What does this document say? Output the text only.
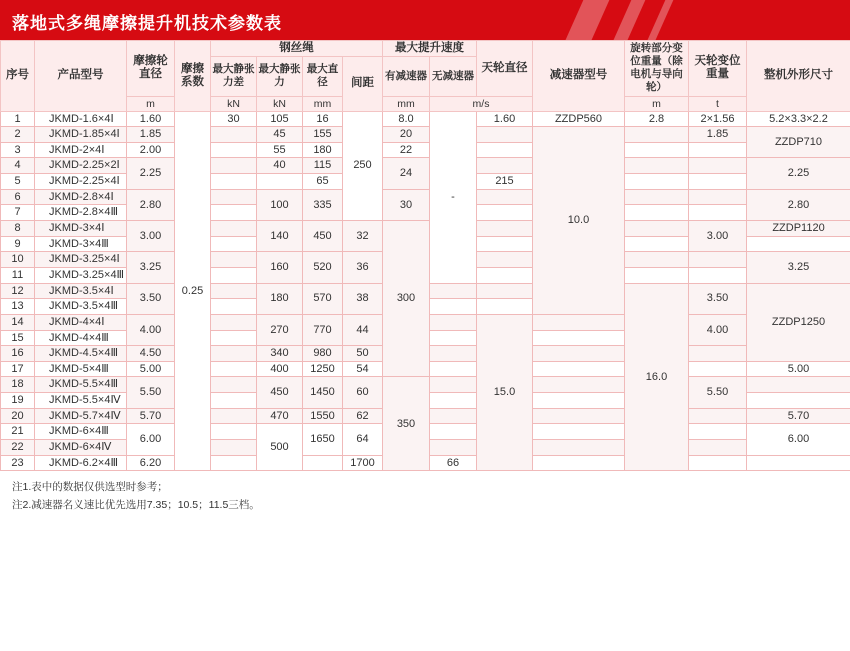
落地式多绳摩擦提升机技术参数表
序号	产品型号	摩擦轮直径	摩擦系数	钢丝绳				最大提升速度		天轮直径	减速器型号	旋转部分变位重量（除电机与导向轮）	天轮变位重量	整机外形尺寸	
				最大静张力差	最大静张力	最大直径	间距	有减速器	无减速器						
		m		kN	kN	mm		mm	m/s			m	t		
1	JKMD-1.6×4Ⅰ	1.60	0.25	30	105	16	250	8.0	-	1.60	ZZDP560	2.8	2×1.56	5.2×3.3×2.2	
2	JKMD-1.85×4Ⅰ	1.85			45	155		20			10.0		1.85	ZZDP710			
3	JKMD-2×4Ⅰ	2.00			55	180		22								
4	JKMD-2.25×2Ⅰ	2.25			40	115		24						2.25				
5	JKMD-2.25×4Ⅰ					65				215									
6	JKMD-2.8×4Ⅰ	2.80			100	335		30						2.80				
7	JKMD-2.8×4Ⅲ													
8	JKMD-3×4Ⅰ	3.00			140	450	32	300					3.00	ZZDP1120			
9	JKMD-3×4Ⅲ													
10	JKMD-3.25×4Ⅰ	3.25			160	520	36							3.25				
11	JKMD-3.25×4Ⅲ													
12	JKMD-3.5×4Ⅰ	3.50			180	570	38					16.0	3.50	ZZDP1250			
13	JKMD-3.5×4Ⅲ													
14	JKMD-4×4Ⅰ	4.00			270	770	44			15.0			4.00				
15	JKMD-4×4Ⅲ													
16	JKMD-4.5×4Ⅲ	4.50			340	980	50								
17	JKMD-5×4Ⅲ	5.00			400	1250	54							5.00				
18	JKMD-5.5×4Ⅲ	5.50			450	1450	60	350					5.50				
19	JKMD-5.5×4Ⅳ													
20	JKMD-5.7×4Ⅳ	5.70			470	1550	62							5.70				
21	JKMD-6×4Ⅲ	6.00			500	1650	64							6.00				
22	JKMD-6×4Ⅳ													
23	JKMD-6.2×4Ⅲ	6.20					1700		66								
注1.表中的数据仅供选型时参考；
注2.减速器名义速比优先选用7.35；10.5；11.5三档。
